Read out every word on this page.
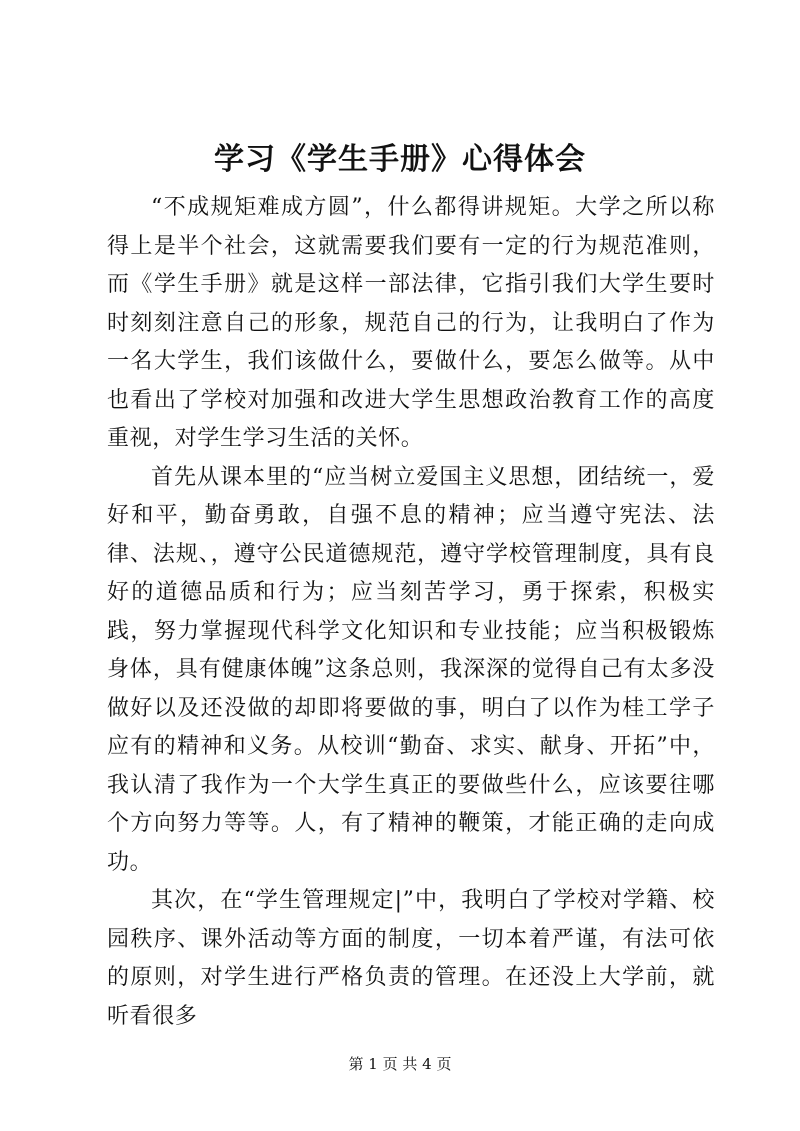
学习《学生手册》心得体会

“不成规矩难成方圆”，什么都得讲规矩。大学之所以称得上是半个社会，这就需要我们要有一定的行为规范准则，而《学生手册》就是这样一部法律，它指引我们大学生要时时刻刻注意自己的形象，规范自己的行为，让我明白了作为一名大学生，我们该做什么，要做什么，要怎么做等。从中也看出了学校对加强和改进大学生思想政治教育工作的高度重视，对学生学习生活的关怀。

首先从课本里的“应当树立爱国主义思想，团结统一，爱好和平，勤奋勇敢，自强不息的精神；应当遵守宪法、法律、法规、，遵守公民道德规范，遵守学校管理制度，具有良好的道德品质和行为；应当刻苦学习，勇于探索，积极实践，努力掌握现代科学文化知识和专业技能；应当积极锻炼身体，具有健康体魄”这条总则，我深深的觉得自己有太多没做好以及还没做的却即将要做的事，明白了以作为桂工学子应有的精神和义务。从校训“勤奋、求实、献身、开拓”中，我认清了我作为一个大学生真正的要做些什么，应该要往哪个方向努力等等。人，有了精神的鞭策，才能正确的走向成功。

其次，在“学生管理规定|”中，我明白了学校对学籍、校园秩序、课外活动等方面的制度，一切本着严谨，有法可依的原则，对学生进行严格负责的管理。在还没上大学前，就听看很多

第 1 页 共 4 页
